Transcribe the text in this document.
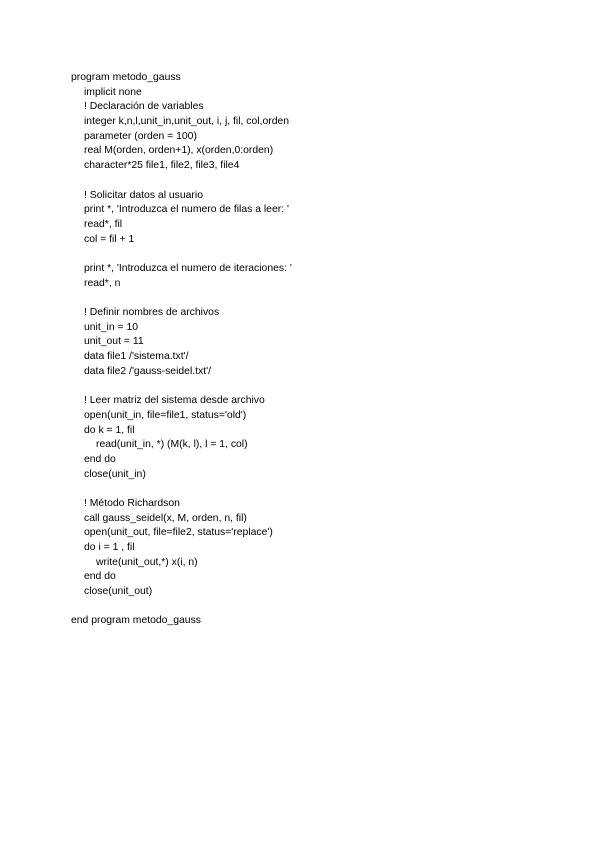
program metodo_gauss
implicit none
! Declaración de variables
integer k,n,l,unit_in,unit_out, i, j, fil, col,orden
parameter (orden = 100)
real M(orden, orden+1), x(orden,0:orden)
character*25 file1, file2, file3, file4
! Solicitar datos al usuario
print *, 'Introduzca el numero de filas a leer: '
read*, fil
col = fil + 1
print *, 'Introduzca el numero de iteraciones: '
read*, n
! Definir nombres de archivos
unit_in = 10
unit_out = 11
data file1 /'sistema.txt'/
data file2 /'gauss-seidel.txt'/
! Leer matriz del sistema desde archivo
open(unit_in, file=file1, status='old')
do k = 1, fil
read(unit_in, *) (M(k, l), l = 1, col)
end do
close(unit_in)
! Método Richardson
call gauss_seidel(x, M, orden, n, fil)
open(unit_out, file=file2, status='replace')
do i = 1 , fil
write(unit_out,*) x(i, n)
end do
close(unit_out)
end program metodo_gauss
